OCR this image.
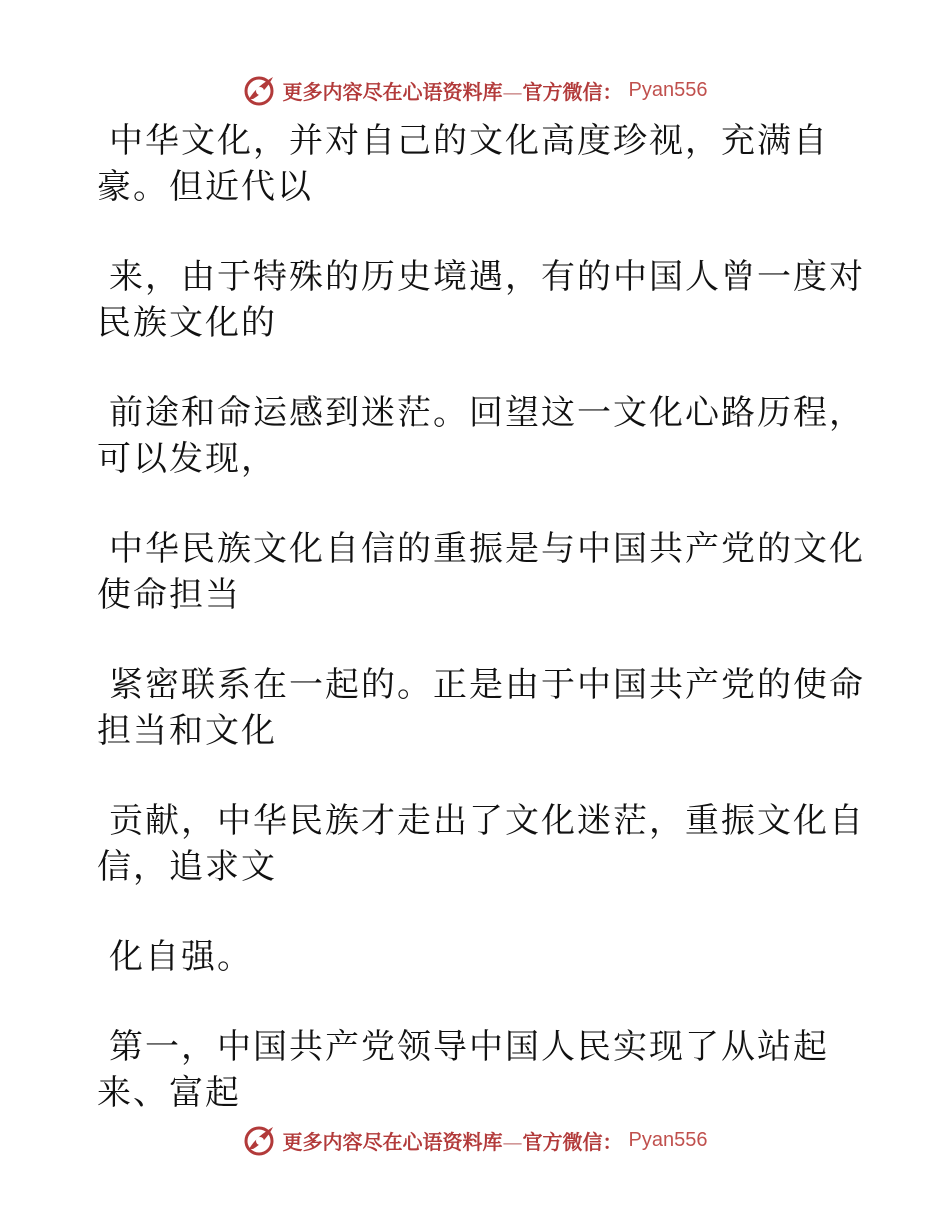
更多内容尽在心语资料库—官方微信： Pyan556
中华文化，并对自己的文化高度珍视，充满自
豪。但近代以
来，由于特殊的历史境遇，有的中国人曾一度对
民族文化的
前途和命运感到迷茫。回望这一文化心路历程，
可以发现，
中华民族文化自信的重振是与中国共产党的文化
使命担当
紧密联系在一起的。正是由于中国共产党的使命
担当和文化
贡献，中华民族才走出了文化迷茫，重振文化自
信，追求文
化自强。
第一，中国共产党领导中国人民实现了从站起
来、富起
更多内容尽在心语资料库—官方微信： Pyan556
